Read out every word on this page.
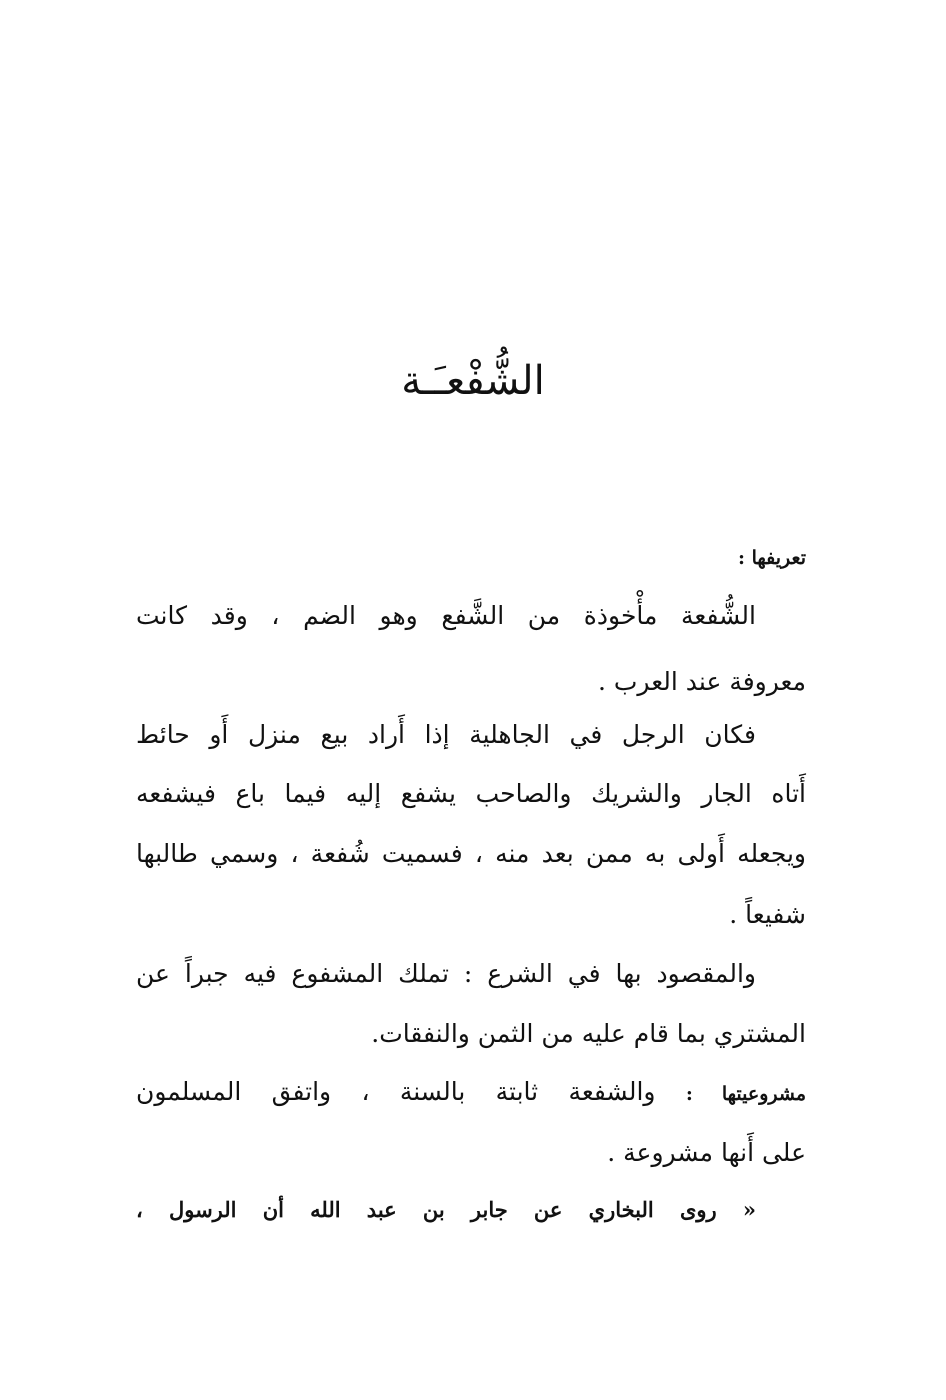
الشُّفْعـَـة
تعريفها :
الشُّفعة مأْخوذة من الشَّفع وهو الضم ، وقد كانت
معروفة عند العرب .
فكان الرجل في الجاهلية إذا أَراد بيع منزل أَو حائط
أَتاه الجار والشريك والصاحب يشفع إليه فيما باع فيشفعه
ويجعله أَولى به ممن بعد منه ، فسميت شُفعة ، وسمي طالبها
شفيعاً .
والمقصود بها في الشرع : تملك المشفوع فيه جبراً عن
المشتري بما قام عليه من الثمن والنفقات.
مشروعيتها : والشفعة ثابتة بالسنة ، واتفق المسلمون
على أَنها مشروعة .
« روى البخاري عن جابر بن عبد الله أن الرسول ،
